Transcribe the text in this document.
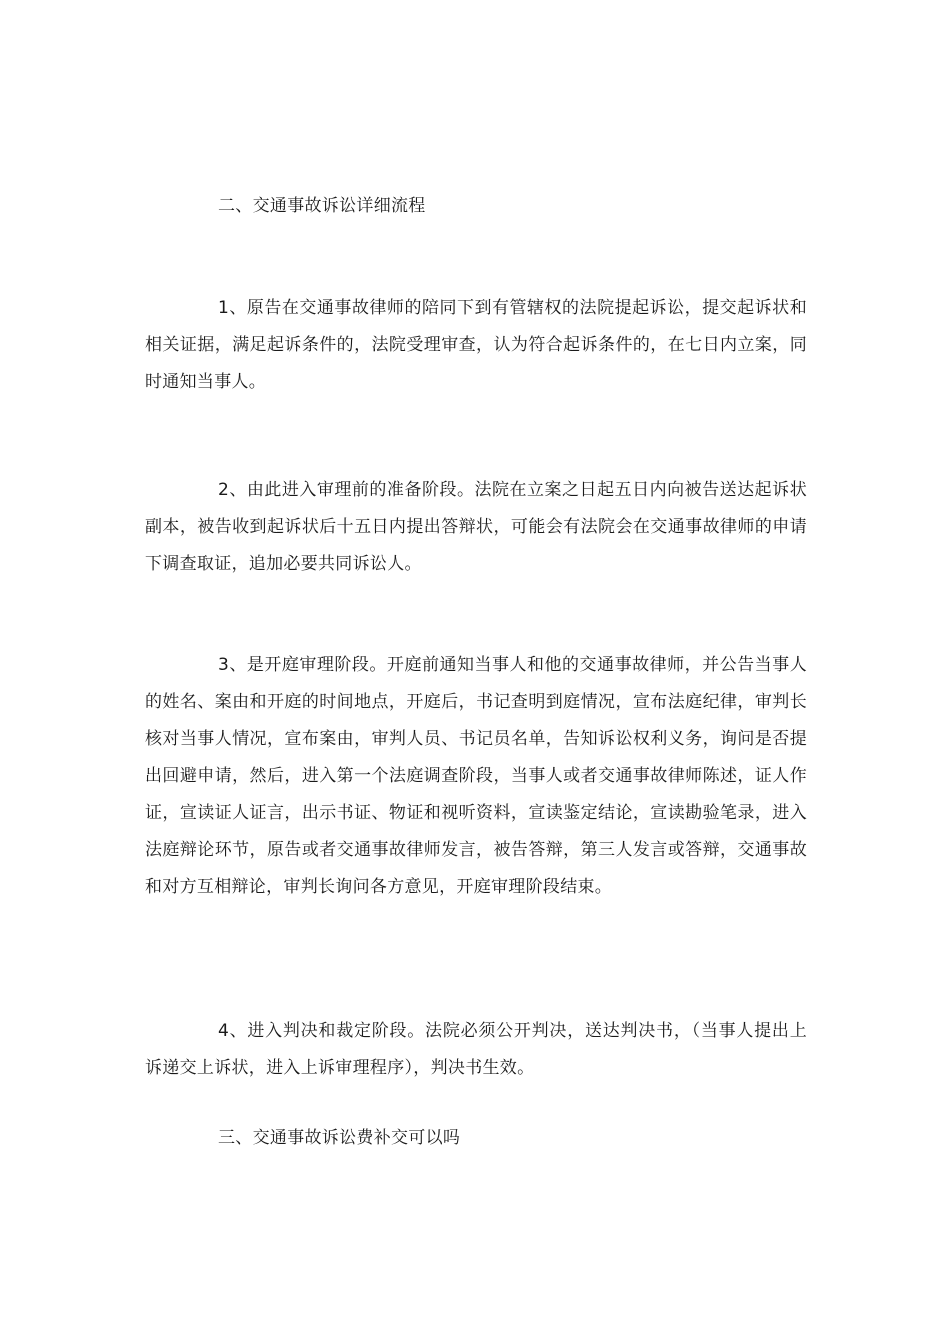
二、交通事故诉讼详细流程
1、原告在交通事故律师的陪同下到有管辖权的法院提起诉讼，提交起诉状和相关证据，满足起诉条件的，法院受理审查，认为符合起诉条件的，在七日内立案，同时通知当事人。
2、由此进入审理前的准备阶段。法院在立案之日起五日内向被告送达起诉状副本，被告收到起诉状后十五日内提出答辩状，可能会有法院会在交通事故律师的申请下调查取证，追加必要共同诉讼人。
3、是开庭审理阶段。开庭前通知当事人和他的交通事故律师，并公告当事人的姓名、案由和开庭的时间地点，开庭后，书记查明到庭情况，宣布法庭纪律，审判长核对当事人情况，宣布案由，审判人员、书记员名单，告知诉讼权利义务，询问是否提出回避申请，然后，进入第一个法庭调查阶段，当事人或者交通事故律师陈述，证人作证，宣读证人证言，出示书证、物证和视听资料，宣读鉴定结论，宣读勘验笔录，进入法庭辩论环节，原告或者交通事故律师发言，被告答辩，第三人发言或答辩，交通事故和对方互相辩论，审判长询问各方意见，开庭审理阶段结束。
4、进入判决和裁定阶段。法院必须公开判决，送达判决书，（当事人提出上诉递交上诉状，进入上诉审理程序），判决书生效。
三、交通事故诉讼费补交可以吗
